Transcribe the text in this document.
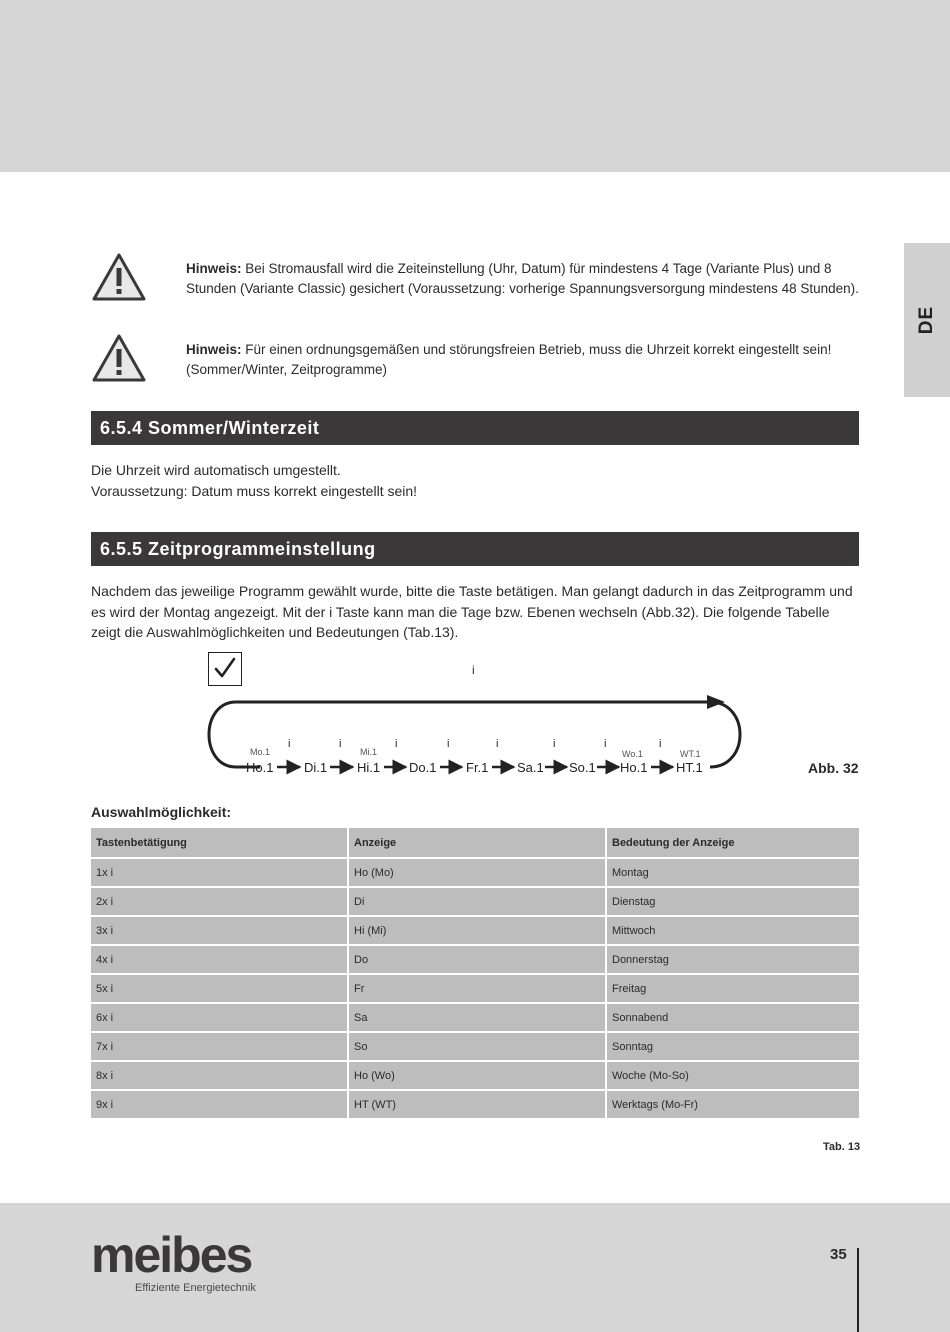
DE
Hinweis: Bei Stromausfall wird die Zeiteinstellung (Uhr, Datum) für mindestens 4 Tage (Variante Plus) und 8 Stunden (Variante Classic) gesichert (Voraussetzung: vorherige Spannungsversorgung mindestens 48 Stunden).
Hinweis: Für einen ordnungsgemäßen und störungsfreien Betrieb, muss die Uhrzeit korrekt eingestellt sein! (Sommer/Winter, Zeitprogramme)
6.5.4 Sommer/Winterzeit
Die Uhrzeit wird automatisch umgestellt.
Voraussetzung: Datum muss korrekt eingestellt sein!
6.5.5 Zeitprogrammeinstellung
Nachdem das jeweilige Programm gewählt wurde, bitte die Taste betätigen. Man gelangt dadurch in das Zeitprogramm und es wird der Montag angezeigt. Mit der i Taste kann man die Tage bzw. Ebenen wechseln (Abb.32). Die folgende Tabelle zeigt die Auswahlmöglichkeiten und Bedeutungen (Tab.13).
i
Mo.1	Mi.1	Wo.1	WT.1
Ηo.1
i
Di.1
i
Ηi.1
i
Do.1
i
Fr.1
i
Sa.1
i
So.1
i
Ηo.1
i
ΗT.1	Abb. 32
Auswahlmöglichkeit:
Tastenbetätigung	Anzeige	Bedeutung der Anzeige
1x i	Ηo (Mo)	Montag
2x i	Di	Dienstag
3x i	Ηi (Mi)	Mittwoch
4x i	Do	Donnerstag
5x i	Fr	Freitag
6x i	Sa	Sonnabend
7x i	So	Sonntag
8x i	Ηo (Wo)	Woche (Mo-So)
9x i	ΗT (WT)	Werktags (Mo-Fr)
Tab. 13
meibes
Effiziente Energietechnik
35
